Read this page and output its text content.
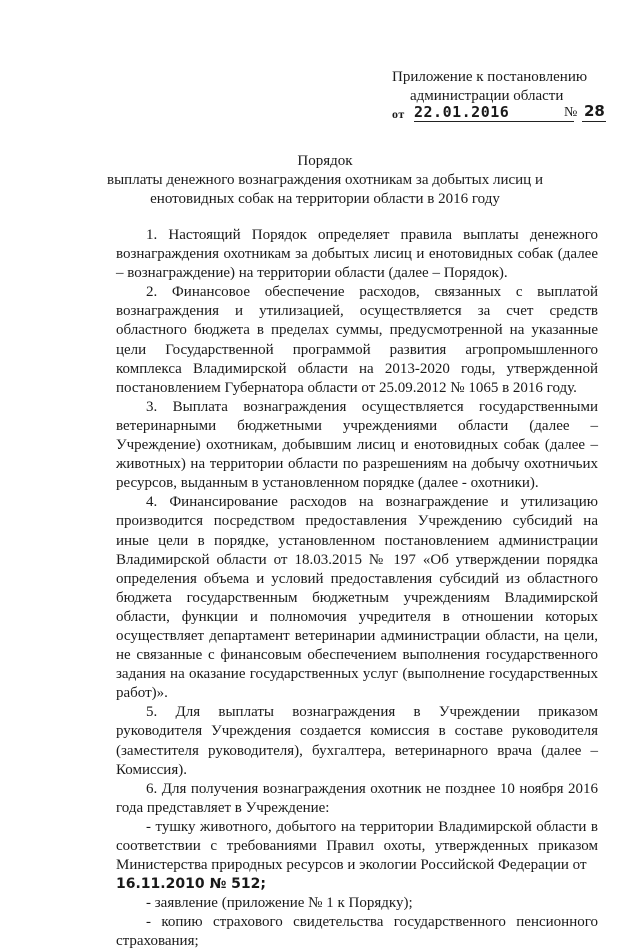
Приложение к постановлению
администрации области
от 22.01.2016	№ 28
Порядок
выплаты денежного вознаграждения охотникам за добытых лисиц и
енотовидных собак на территории области в 2016 году

1. Настоящий Порядок определяет правила выплаты денежного вознаграждения охотникам за добытых лисиц и енотовидных собак (далее – вознаграждение) на территории области (далее – Порядок).

2. Финансовое обеспечение расходов, связанных с выплатой вознаграждения и утилизацией, осуществляется за счет средств областного бюджета в пределах суммы, предусмотренной на указанные цели Государственной программой развития агропромышленного комплекса Владимирской области на 2013-2020 годы, утвержденной постановлением Губернатора области от 25.09.2012 № 1065 в 2016 году.

3. Выплата вознаграждения осуществляется государственными ветеринарными бюджетными учреждениями области (далее – Учреждение) охотникам, добывшим лисиц и енотовидных собак (далее – животных) на территории области по разрешениям на добычу охотничьих ресурсов, выданным в установленном порядке (далее - охотники).

4. Финансирование расходов на вознаграждение и утилизацию производится посредством предоставления Учреждению субсидий на иные цели в порядке, установленном постановлением администрации Владимирской области от 18.03.2015 № 197 «Об утверждении порядка определения объема и условий предоставления субсидий из областного бюджета государственным бюджетным учреждениям Владимирской области, функции и полномочия учредителя в отношении которых осуществляет департамент ветеринарии администрации области, на цели, не связанные с финансовым обеспечением выполнения государственного задания на оказание государственных услуг (выполнение государственных работ)».

5. Для выплаты вознаграждения в Учреждении приказом руководителя Учреждения создается комиссия в составе руководителя (заместителя руководителя), бухгалтера, ветеринарного врача (далее – Комиссия).

6. Для получения вознаграждения охотник не позднее 10 ноября 2016 года представляет в Учреждение:

- тушку животного, добытого на территории Владимирской области в соответствии с требованиями Правил охоты, утвержденных приказом Министерства природных ресурсов и экологии Российской Федерации от

16.11.2010 № 512;

- заявление (приложение № 1 к Порядку);

- копию страхового свидетельства государственного пенсионного страхования;
